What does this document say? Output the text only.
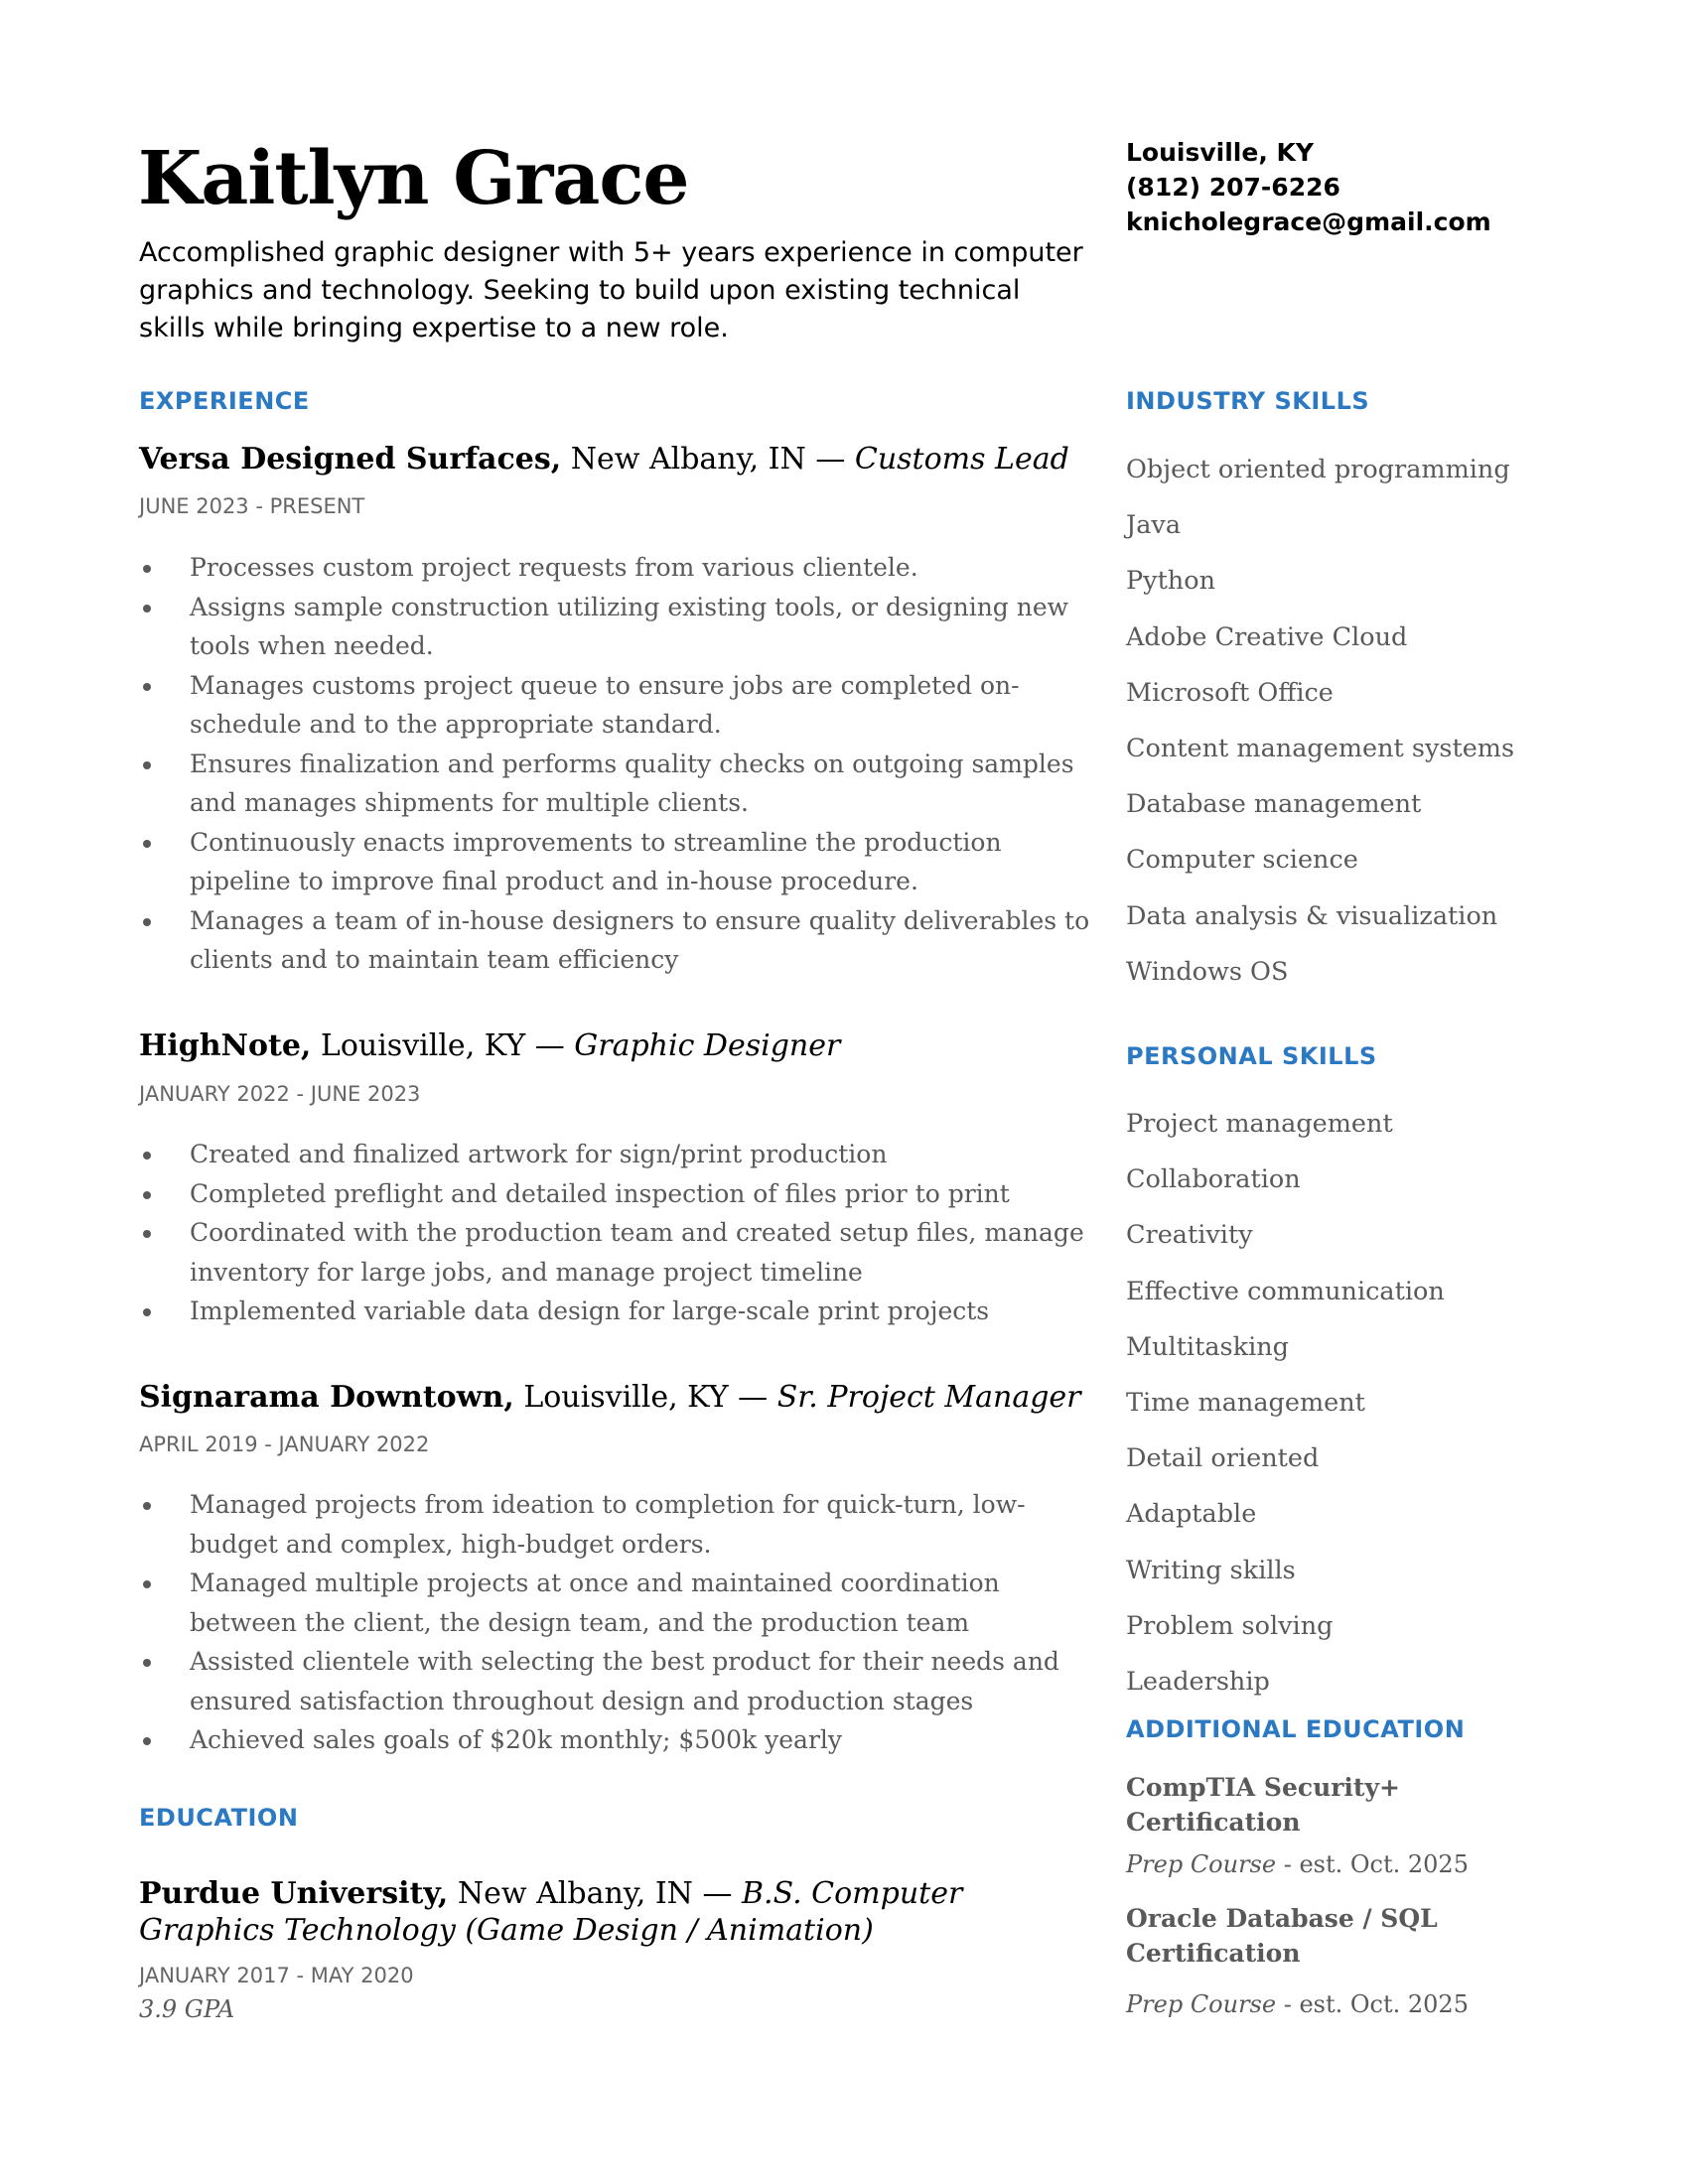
Kaitlyn Grace
Accomplished graphic designer with 5+ years experience in computer graphics and technology. Seeking to build upon existing technical skills while bringing expertise to a new role.
Louisville, KY
(812) 207-6226
knicholegrace@gmail.com
EXPERIENCE
Versa Designed Surfaces, New Albany, IN — Customs Lead
JUNE 2023 - PRESENT
Processes custom project requests from various clientele.
Assigns sample construction utilizing existing tools, or designing new tools when needed.
Manages customs project queue to ensure jobs are completed on-schedule and to the appropriate standard.
Ensures finalization and performs quality checks on outgoing samples and manages shipments for multiple clients.
Continuously enacts improvements to streamline the production pipeline to improve final product and in-house procedure.
Manages a team of in-house designers to ensure quality deliverables to clients and to maintain team efficiency
HighNote, Louisville, KY — Graphic Designer
JANUARY 2022 - JUNE 2023
Created and finalized artwork for sign/print production
Completed preflight and detailed inspection of files prior to print
Coordinated with the production team and created setup files, manage inventory for large jobs, and manage project timeline
Implemented variable data design for large-scale print projects
Signarama Downtown, Louisville, KY — Sr. Project Manager
APRIL 2019 - JANUARY 2022
Managed projects from ideation to completion for quick-turn, low-budget and complex, high-budget orders.
Managed multiple projects at once and maintained coordination between the client, the design team, and the production team
Assisted clientele with selecting the best product for their needs and ensured satisfaction throughout design and production stages
Achieved sales goals of $20k monthly; $500k yearly
EDUCATION
Purdue University, New Albany, IN — B.S. Computer Graphics Technology (Game Design / Animation)
JANUARY 2017 - MAY 2020
3.9 GPA
INDUSTRY SKILLS
Object oriented programming
Java
Python
Adobe Creative Cloud
Microsoft Office
Content management systems
Database management
Computer science
Data analysis & visualization
Windows OS
PERSONAL SKILLS
Project management
Collaboration
Creativity
Effective communication
Multitasking
Time management
Detail oriented
Adaptable
Writing skills
Problem solving
Leadership
ADDITIONAL EDUCATION
CompTIA Security+ Certification
Prep Course - est. Oct. 2025
Oracle Database / SQL Certification
Prep Course - est. Oct. 2025
